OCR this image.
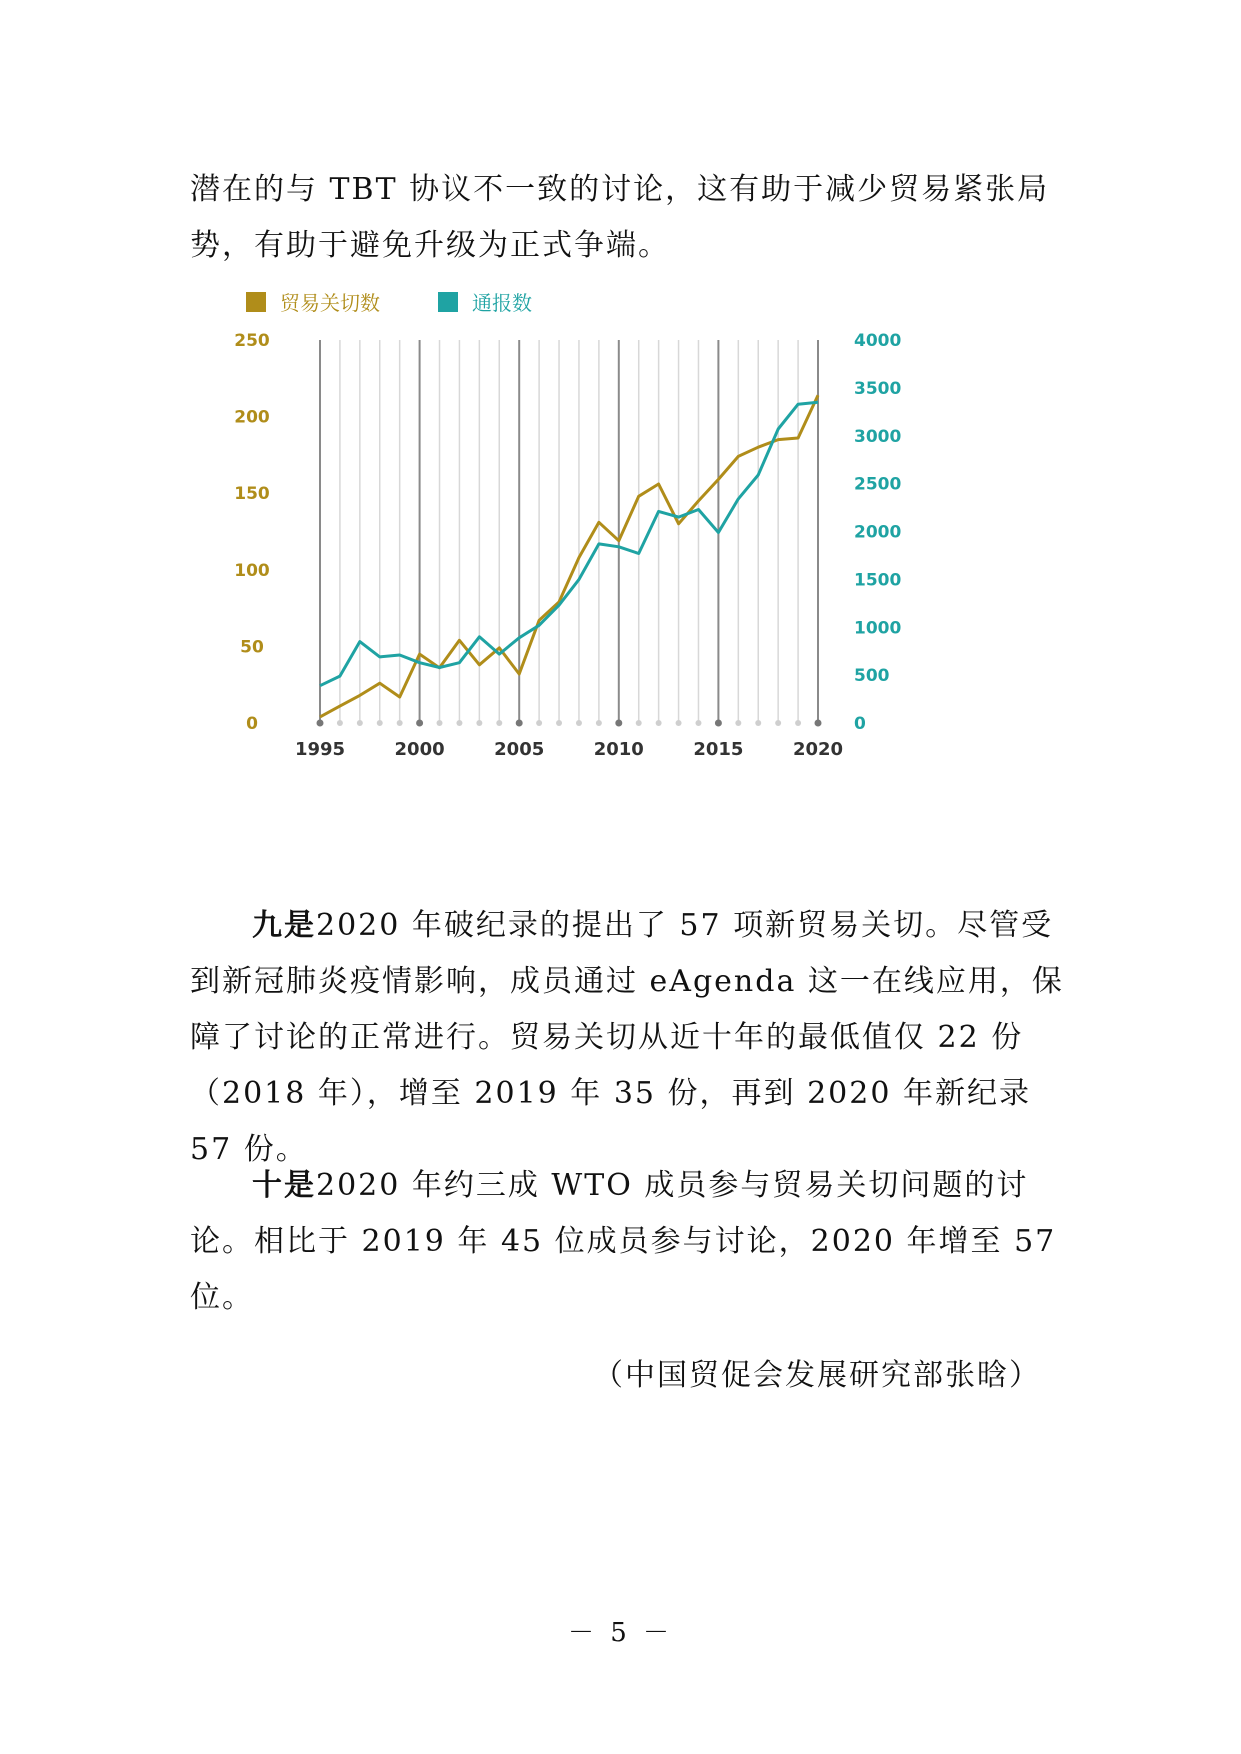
潜在的与 TBT 协议不一致的讨论，这有助于减少贸易紧张局势，有助于避免升级为正式争端。

贸易关切数	通报数
1995	2000	2005	2010	2015	2020
0
50
100
150
200
250
0
500
1000
1500
2000
2500
3000
3500
4000

九是2020 年破纪录的提出了 57 项新贸易关切。尽管受到新冠肺炎疫情影响，成员通过 eAgenda 这一在线应用，保障了讨论的正常进行。贸易关切从近十年的最低值仅 22 份（2018 年），增至 2019 年 35 份，再到 2020 年新纪录 57 份。

十是2020 年约三成 WTO 成员参与贸易关切问题的讨论。相比于 2019 年 45 位成员参与讨论，2020 年增至 57 位。

（中国贸促会发展研究部张晗）
－ 5 －
